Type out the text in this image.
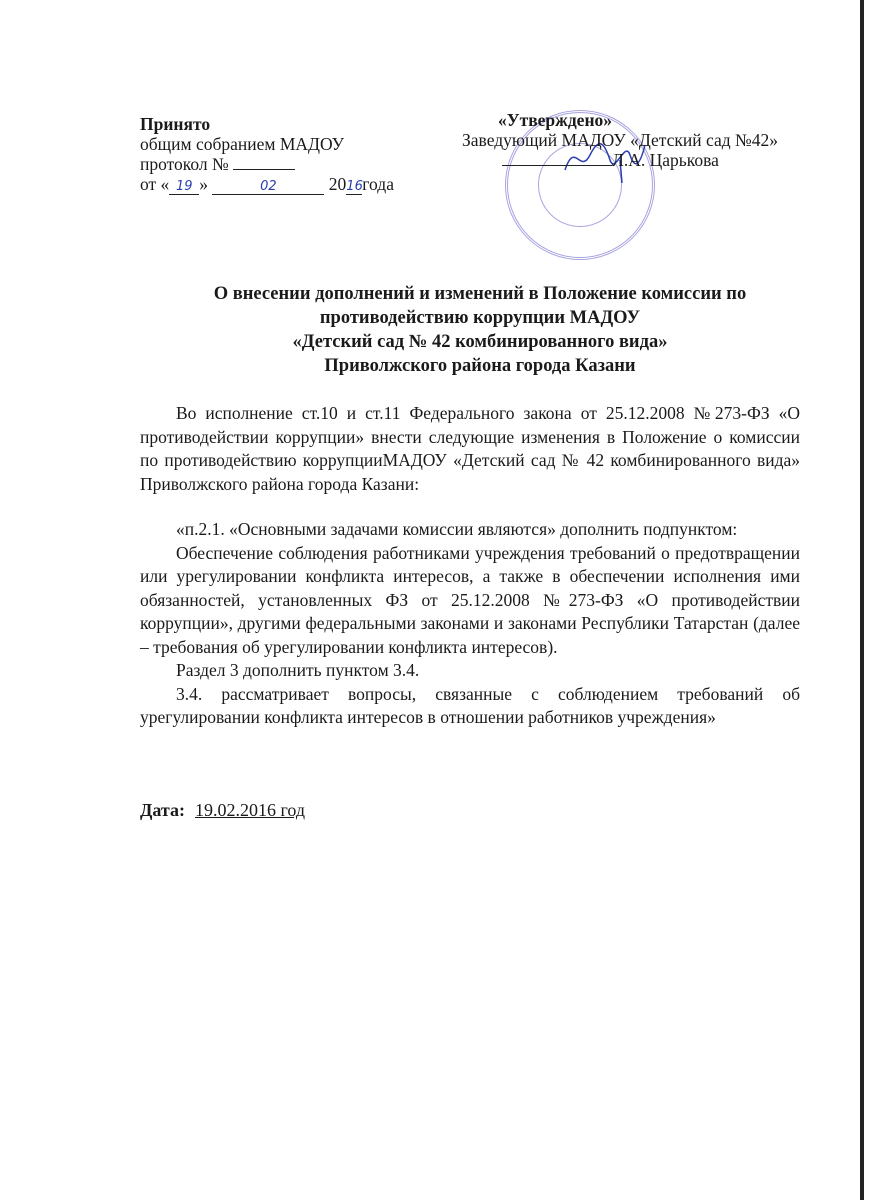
Принято
общим собранием МАДОУ
протокол №
от « 19 »	02	2016года
«Утверждено»
Заведующий МАДОУ «Детский сад №42»
Л.А. Царькова
О внесении дополнений и изменений в Положение комиссии по
противодействию коррупции МАДОУ
«Детский сад № 42 комбинированного вида»
Приволжского района города Казани

Во исполнение ст.10 и ст.11 Федерального закона от 25.12.2008 №273-ФЗ «О противодействии коррупции» внести следующие изменения в Положение о комиссии по противодействию коррупцииМАДОУ «Детский сад № 42 комбинированного вида» Приволжского района города Казани:

«п.2.1. «Основными задачами комиссии являются» дополнить подпунктом:

Обеспечение соблюдения работниками учреждения требований о предотвращении или урегулировании конфликта интересов, а также в обеспечении исполнения ими обязанностей, установленных ФЗ от 25.12.2008 №273-ФЗ «О противодействии коррупции», другими федеральными законами и законами Республики Татарстан (далее – требования об урегулировании конфликта интересов).

Раздел 3 дополнить пунктом 3.4.

3.4. рассматривает вопросы, связанные с соблюдением требований об урегулировании конфликта интересов в отношении работников учреждения»

Дата: 19.02.2016 год
